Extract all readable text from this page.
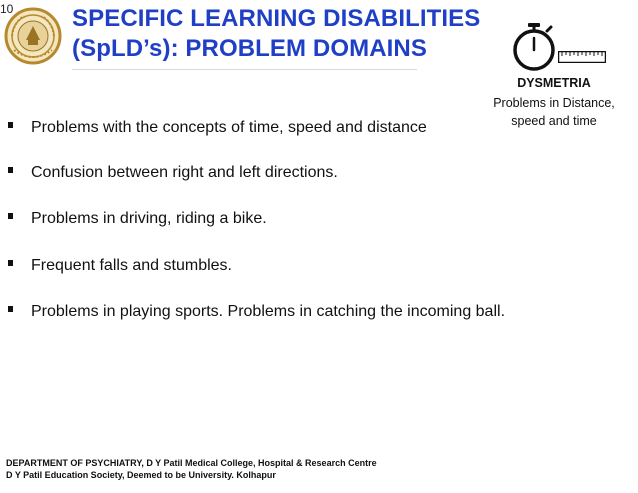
10 SPECIFIC LEARNING DISABILITIES
(SpLD’s): PROBLEM DOMAINS
DYSMETRIA
Problems in Distance,
speed and time
Problems with the concepts of time, speed and distance
Confusion between right and left directions.
Problems in driving, riding a bike.
Frequent falls and stumbles.
Problems in playing sports. Problems in catching the incoming ball.
DEPARTMENT OF PSYCHIATRY, D Y Patil Medical College, Hospital & Research Centre
D Y Patil Education Society, Deemed to be University. Kolhapur
